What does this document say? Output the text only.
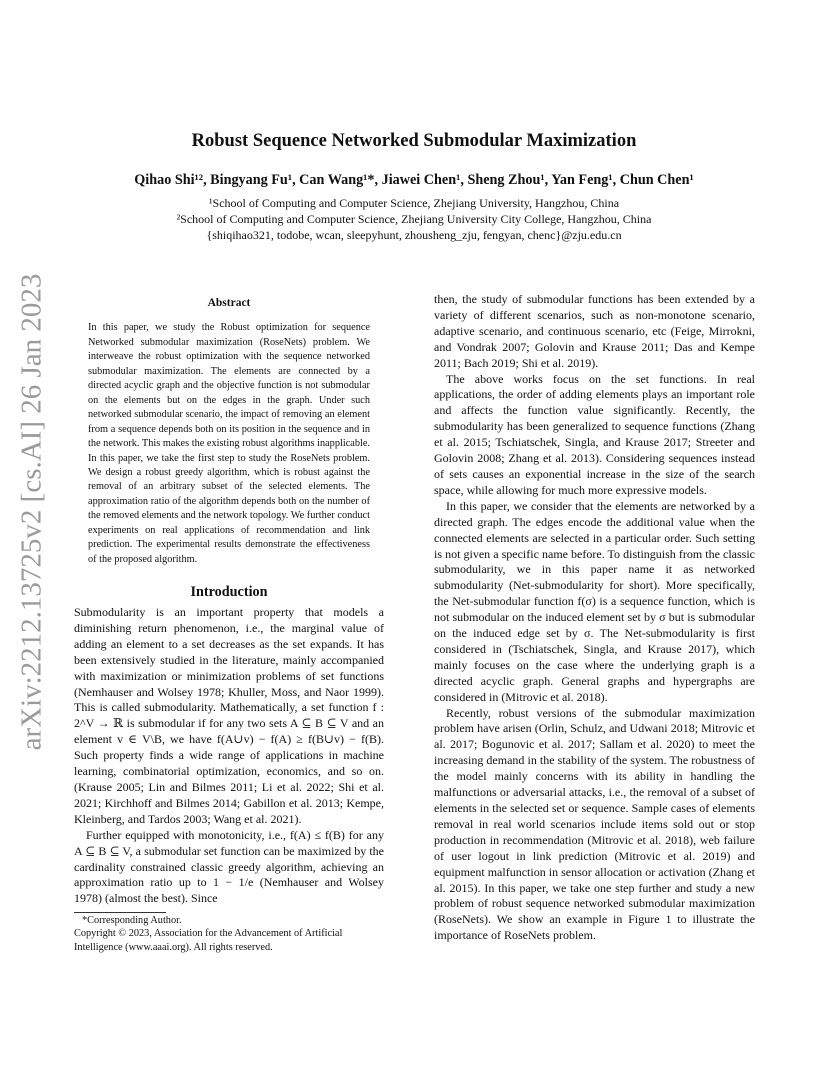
arXiv:2212.13725v2 [cs.AI] 26 Jan 2023
Robust Sequence Networked Submodular Maximization
Qihao Shi¹², Bingyang Fu¹, Can Wang¹*, Jiawei Chen¹, Sheng Zhou¹, Yan Feng¹, Chun Chen¹
¹School of Computing and Computer Science, Zhejiang University, Hangzhou, China
²School of Computing and Computer Science, Zhejiang University City College, Hangzhou, China
{shiqihao321, todobe, wcan, sleepyhunt, zhousheng_zju, fengyan, chenc}@zju.edu.cn
Abstract

In this paper, we study the Robust optimization for sequence Networked submodular maximization (RoseNets) problem. We interweave the robust optimization with the sequence networked submodular maximization. The elements are connected by a directed acyclic graph and the objective function is not submodular on the elements but on the edges in the graph. Under such networked submodular scenario, the impact of removing an element from a sequence depends both on its position in the sequence and in the network. This makes the existing robust algorithms inapplicable. In this paper, we take the first step to study the RoseNets problem. We design a robust greedy algorithm, which is robust against the removal of an arbitrary subset of the selected elements. The approximation ratio of the algorithm depends both on the number of the removed elements and the network topology. We further conduct experiments on real applications of recommendation and link prediction. The experimental results demonstrate the effectiveness of the proposed algorithm.

Introduction

Submodularity is an important property that models a diminishing return phenomenon, i.e., the marginal value of adding an element to a set decreases as the set expands. It has been extensively studied in the literature, mainly accompanied with maximization or minimization problems of set functions (Nemhauser and Wolsey 1978; Khuller, Moss, and Naor 1999). This is called submodularity. Mathematically, a set function f : 2^V → ℝ is submodular if for any two sets A ⊆ B ⊆ V and an element v ∈ V\B, we have f(A∪v) − f(A) ≥ f(B∪v) − f(B). Such property finds a wide range of applications in machine learning, combinatorial optimization, economics, and so on. (Krause 2005; Lin and Bilmes 2011; Li et al. 2022; Shi et al. 2021; Kirchhoff and Bilmes 2014; Gabillon et al. 2013; Kempe, Kleinberg, and Tardos 2003; Wang et al. 2021).

Further equipped with monotonicity, i.e., f(A) ≤ f(B) for any A ⊆ B ⊆ V, a submodular set function can be maximized by the cardinality constrained classic greedy algorithm, achieving an approximation ratio up to 1 − 1/e (Nemhauser and Wolsey 1978) (almost the best). Since

then, the study of submodular functions has been extended by a variety of different scenarios, such as non-monotone scenario, adaptive scenario, and continuous scenario, etc (Feige, Mirrokni, and Vondrak 2007; Golovin and Krause 2011; Das and Kempe 2011; Bach 2019; Shi et al. 2019).

The above works focus on the set functions. In real applications, the order of adding elements plays an important role and affects the function value significantly. Recently, the submodularity has been generalized to sequence functions (Zhang et al. 2015; Tschiatschek, Singla, and Krause 2017; Streeter and Golovin 2008; Zhang et al. 2013). Considering sequences instead of sets causes an exponential increase in the size of the search space, while allowing for much more expressive models.

In this paper, we consider that the elements are networked by a directed graph. The edges encode the additional value when the connected elements are selected in a particular order. Such setting is not given a specific name before. To distinguish from the classic submodularity, we in this paper name it as networked submodularity (Net-submodularity for short). More specifically, the Net-submodular function f(σ) is a sequence function, which is not submodular on the induced element set by σ but is submodular on the induced edge set by σ. The Net-submodularity is first considered in (Tschiatschek, Singla, and Krause 2017), which mainly focuses on the case where the underlying graph is a directed acyclic graph. General graphs and hypergraphs are considered in (Mitrovic et al. 2018).

Recently, robust versions of the submodular maximization problem have arisen (Orlin, Schulz, and Udwani 2018; Mitrovic et al. 2017; Bogunovic et al. 2017; Sallam et al. 2020) to meet the increasing demand in the stability of the system. The robustness of the model mainly concerns with its ability in handling the malfunctions or adversarial attacks, i.e., the removal of a subset of elements in the selected set or sequence. Sample cases of elements removal in real world scenarios include items sold out or stop production in recommendation (Mitrovic et al. 2018), web failure of user logout in link prediction (Mitrovic et al. 2019) and equipment malfunction in sensor allocation or activation (Zhang et al. 2015). In this paper, we take one step further and study a new problem of robust sequence networked submodular maximization (RoseNets). We show an example in Figure 1 to illustrate the importance of RoseNets problem.

*Corresponding Author.

Copyright © 2023, Association for the Advancement of Artificial Intelligence (www.aaai.org). All rights reserved.
